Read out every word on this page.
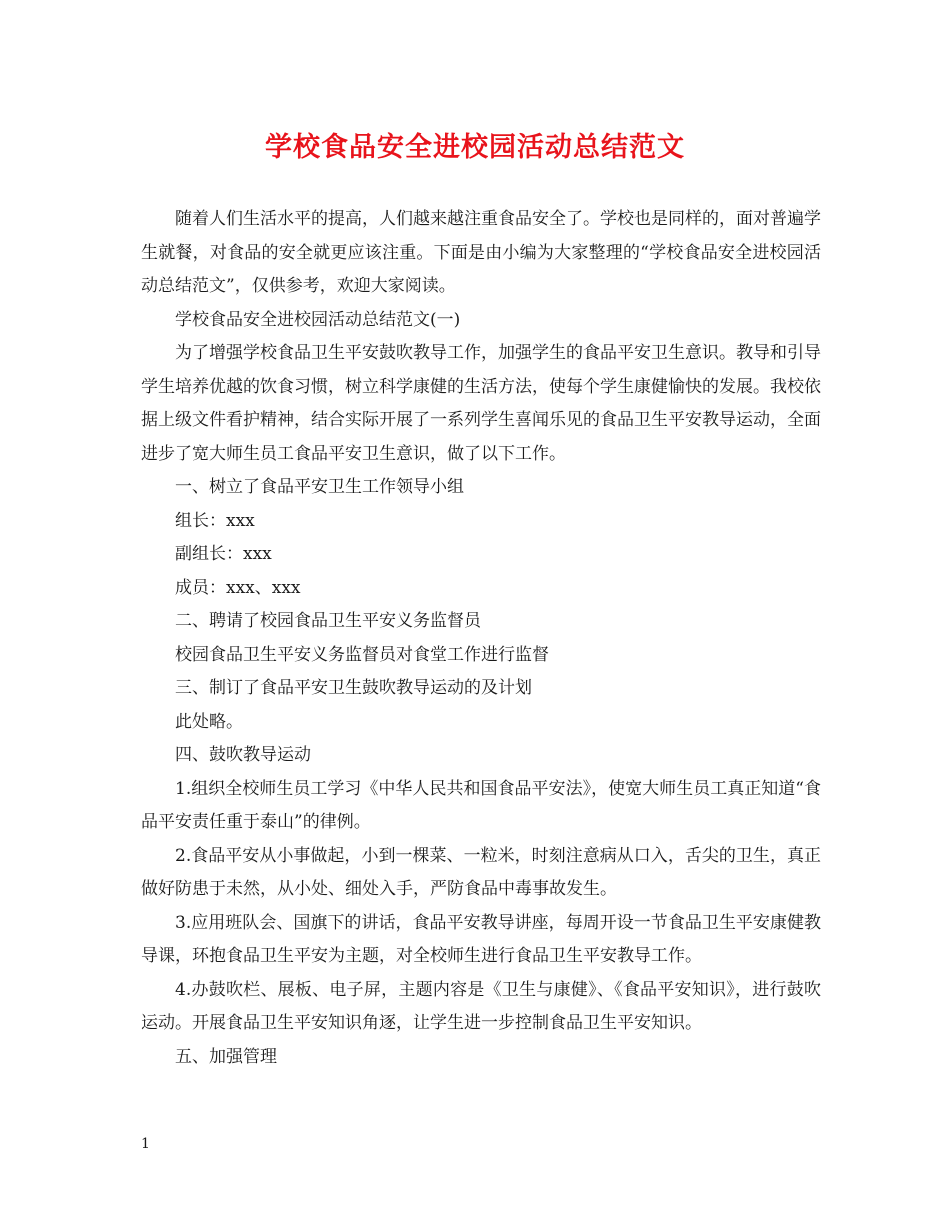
学校食品安全进校园活动总结范文

随着人们生活水平的提高，人们越来越注重食品安全了。学校也是同样的，面对普遍学生就餐，对食品的安全就更应该注重。下面是由小编为大家整理的“学校食品安全进校园活动总结范文”，仅供参考，欢迎大家阅读。

学校食品安全进校园活动总结范文(一)

为了增强学校食品卫生平安鼓吹教导工作，加强学生的食品平安卫生意识。教导和引导学生培养优越的饮食习惯，树立科学康健的生活方法，使每个学生康健愉快的发展。我校依据上级文件看护精神，结合实际开展了一系列学生喜闻乐见的食品卫生平安教导运动，全面进步了宽大师生员工食品平安卫生意识，做了以下工作。

一、树立了食品平安卫生工作领导小组

组长：xxx

副组长：xxx

成员：xxx、xxx

二、聘请了校园食品卫生平安义务监督员

校园食品卫生平安义务监督员对食堂工作进行监督

三、制订了食品平安卫生鼓吹教导运动的及计划

此处略。

四、鼓吹教导运动

1.组织全校师生员工学习《中华人民共和国食品平安法》，使宽大师生员工真正知道“食品平安责任重于泰山”的律例。

2.食品平安从小事做起，小到一棵菜、一粒米，时刻注意病从口入，舌尖的卫生，真正做好防患于未然，从小处、细处入手，严防食品中毒事故发生。

3.应用班队会、国旗下的讲话，食品平安教导讲座，每周开设一节食品卫生平安康健教导课，环抱食品卫生平安为主题，对全校师生进行食品卫生平安教导工作。

4.办鼓吹栏、展板、电子屏，主题内容是《卫生与康健》、《食品平安知识》，进行鼓吹运动。开展食品卫生平安知识角逐，让学生进一步控制食品卫生平安知识。

五、加强管理

1
